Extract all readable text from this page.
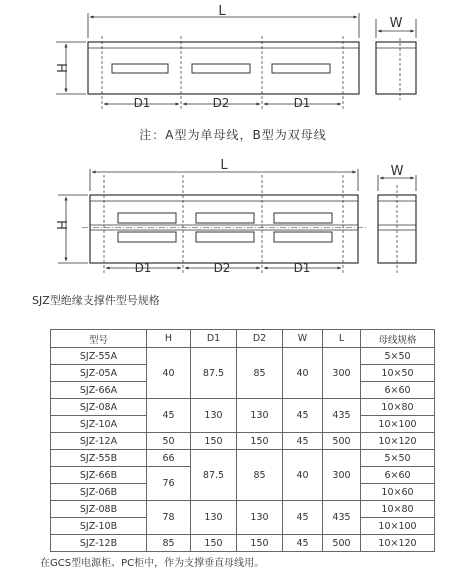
L
H
D1	D2	D1
W
注：A型为单母线，B型为双母线
L
H
D1	D2	D1
W
SJZ型绝缘支撑件型号规格
型号	H	D1	D2	W	L	母线规格
SJZ-55A	40	87.5	85	40	300	5×50
SJZ-05A						10×50
SJZ-66A						6×60
SJZ-08A	45	130	130	45	435	10×80
SJZ-10A						10×100
SJZ-12A	50	150	150	45	500	10×120
SJZ-55B	66	87.5	85	40	300	5×50
SJZ-66B	76					6×60
SJZ-06B						10×60
SJZ-08B	78	130	130	45	435	10×80
SJZ-10B						10×100
SJZ-12B	85	150	150	45	500	10×120
在GCS型电源柜、PC柜中，作为支撑垂直母线用。
